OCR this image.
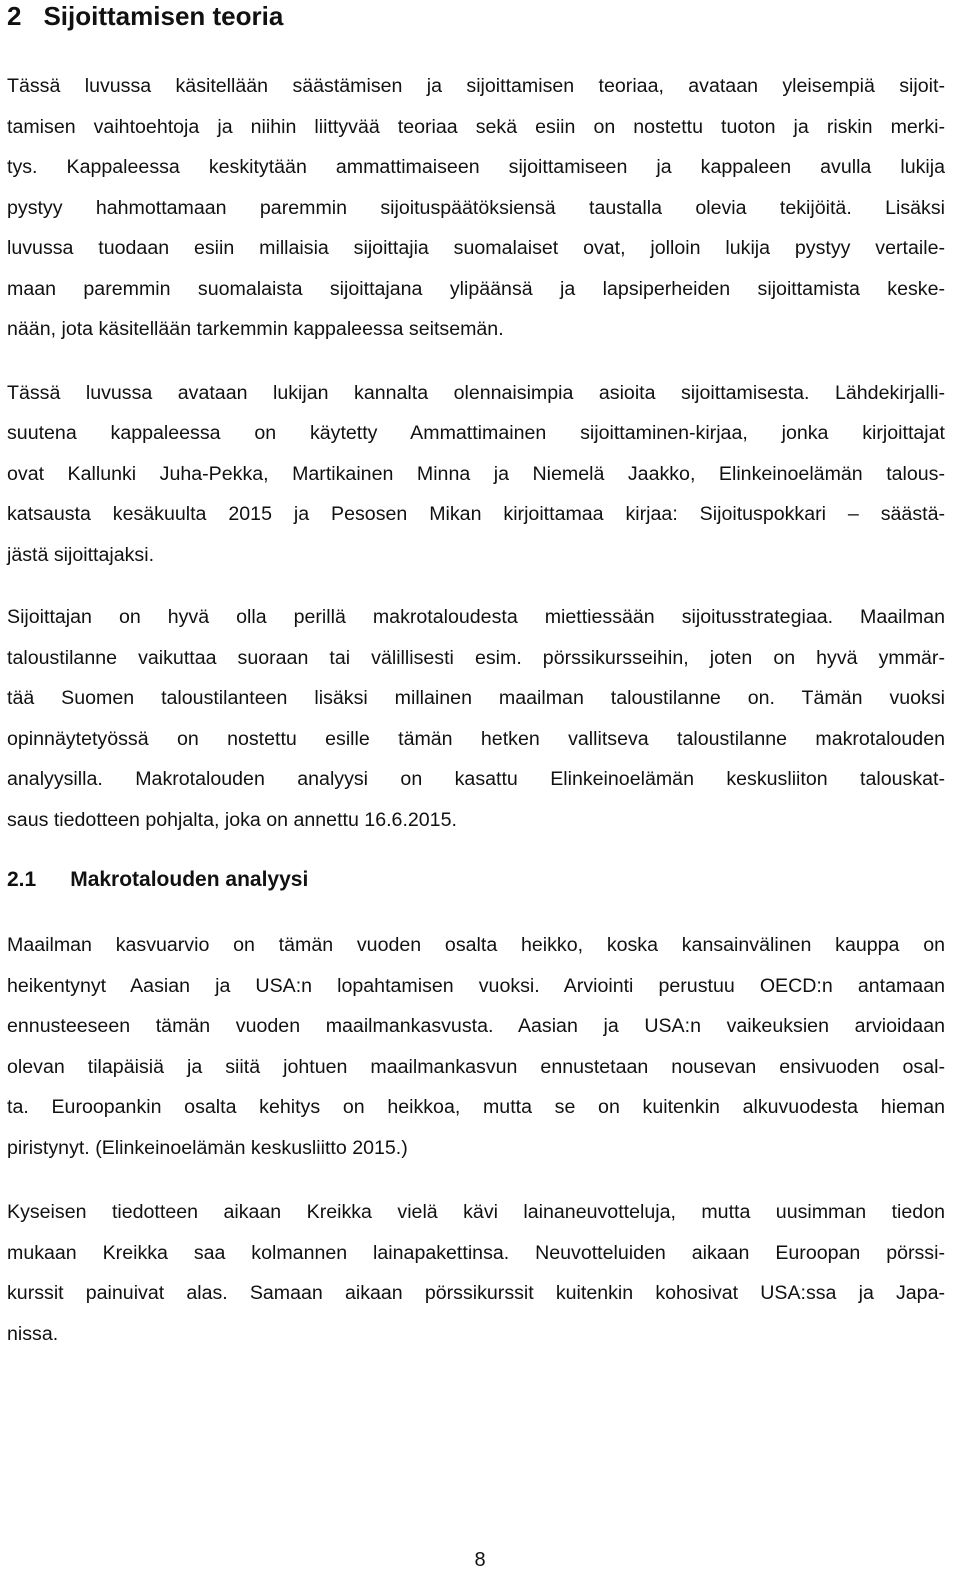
2 Sijoittamisen teoria

Tässä luvussa käsitellään säästämisen ja sijoittamisen teoriaa, avataan yleisempiä sijoit-
tamisen vaihtoehtoja ja niihin liittyvää teoriaa sekä esiin on nostettu tuoton ja riskin merki-
tys. Kappaleessa keskitytään ammattimaiseen sijoittamiseen ja kappaleen avulla lukija
pystyy hahmottamaan paremmin sijoituspäätöksiensä taustalla olevia tekijöitä. Lisäksi
luvussa tuodaan esiin millaisia sijoittajia suomalaiset ovat, jolloin lukija pystyy vertaile-
maan paremmin suomalaista sijoittajana ylipäänsä ja lapsiperheiden sijoittamista keske-
nään, jota käsitellään tarkemmin kappaleessa seitsemän.

Tässä luvussa avataan lukijan kannalta olennaisimpia asioita sijoittamisesta. Lähdekirjalli-
suutena kappaleessa on käytetty Ammattimainen sijoittaminen-kirjaa, jonka kirjoittajat
ovat Kallunki Juha-Pekka, Martikainen Minna ja Niemelä Jaakko, Elinkeinoelämän talous-
katsausta kesäkuulta 2015 ja Pesosen Mikan kirjoittamaa kirjaa: Sijoituspokkari – säästä-
jästä sijoittajaksi.

Sijoittajan on hyvä olla perillä makrotaloudesta miettiessään sijoitusstrategiaa. Maailman
taloustilanne vaikuttaa suoraan tai välillisesti esim. pörssikursseihin, joten on hyvä ymmär-
tää Suomen taloustilanteen lisäksi millainen maailman taloustilanne on. Tämän vuoksi
opinnäytetyössä on nostettu esille tämän hetken vallitseva taloustilanne makrotalouden
analyysilla. Makrotalouden analyysi on kasattu Elinkeinoelämän keskusliiton talouskat-
saus tiedotteen pohjalta, joka on annettu 16.6.2015.

2.1 Makrotalouden analyysi

Maailman kasvuarvio on tämän vuoden osalta heikko, koska kansainvälinen kauppa on
heikentynyt Aasian ja USA:n lopahtamisen vuoksi. Arviointi perustuu OECD:n antamaan
ennusteeseen tämän vuoden maailmankasvusta. Aasian ja USA:n vaikeuksien arvioidaan
olevan tilapäisiä ja siitä johtuen maailmankasvun ennustetaan nousevan ensivuoden osal-
ta. Euroopankin osalta kehitys on heikkoa, mutta se on kuitenkin alkuvuodesta hieman
piristynyt. (Elinkeinoelämän keskusliitto 2015.)

Kyseisen tiedotteen aikaan Kreikka vielä kävi lainaneuvotteluja, mutta uusimman tiedon
mukaan Kreikka saa kolmannen lainapakettinsa. Neuvotteluiden aikaan Euroopan pörssi-
kurssit painuivat alas. Samaan aikaan pörssikurssit kuitenkin kohosivat USA:ssa ja Japa-
nissa.

8
